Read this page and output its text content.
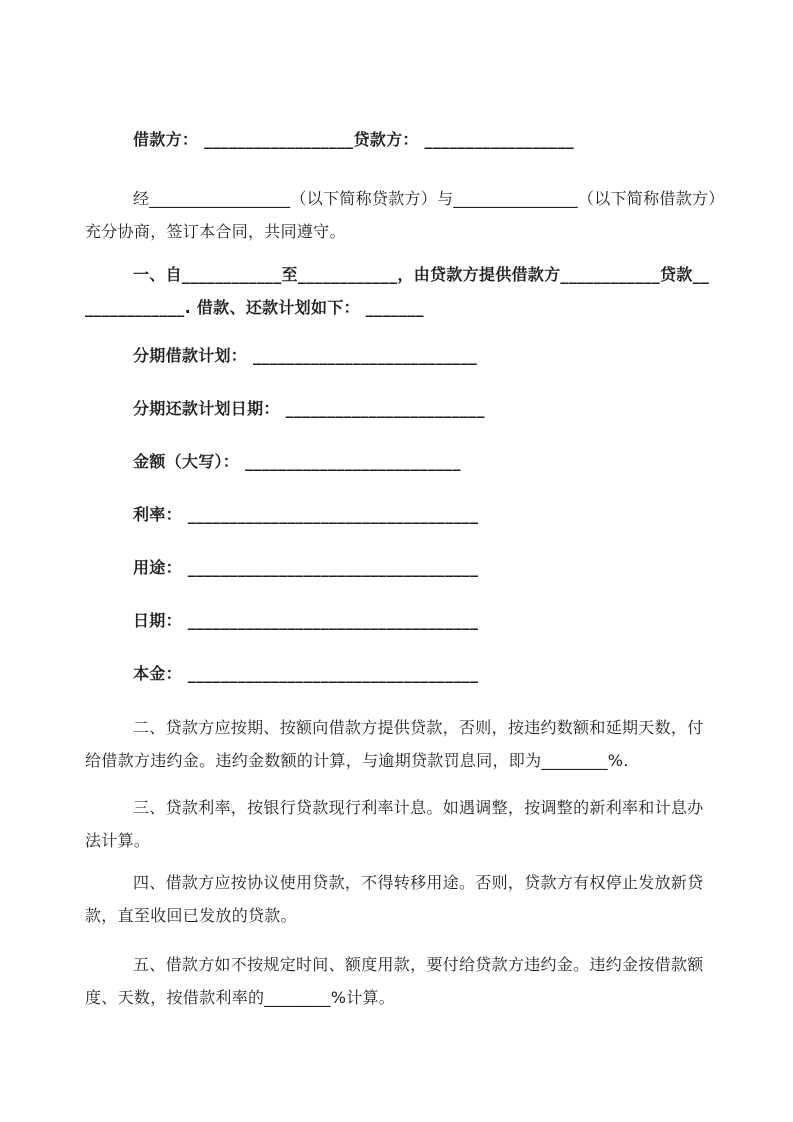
借款方： __________________贷款方： __________________
经_________________（以下简称贷款方）与_______________（以下简称借款方）
充分协商，签订本合同，共同遵守。
一、自____________至____________，由贷款方提供借款方____________贷款__
____________. 借款、还款计划如下： _______
分期借款计划： ___________________________
分期还款计划日期： ________________________
金额（大写）： __________________________
利率： ___________________________________
用途： ___________________________________
日期： ___________________________________
本金： ___________________________________
二、贷款方应按期、按额向借款方提供贷款，否则，按违约数额和延期天数，付
给借款方违约金。违约金数额的计算，与逾期贷款罚息同，即为________%.
三、贷款利率，按银行贷款现行利率计息。如遇调整，按调整的新利率和计息办
法计算。
四、借款方应按协议使用贷款，不得转移用途。否则，贷款方有权停止发放新贷
款，直至收回已发放的贷款。
五、借款方如不按规定时间、额度用款，要付给贷款方违约金。违约金按借款额
度、天数，按借款利率的________%计算。
